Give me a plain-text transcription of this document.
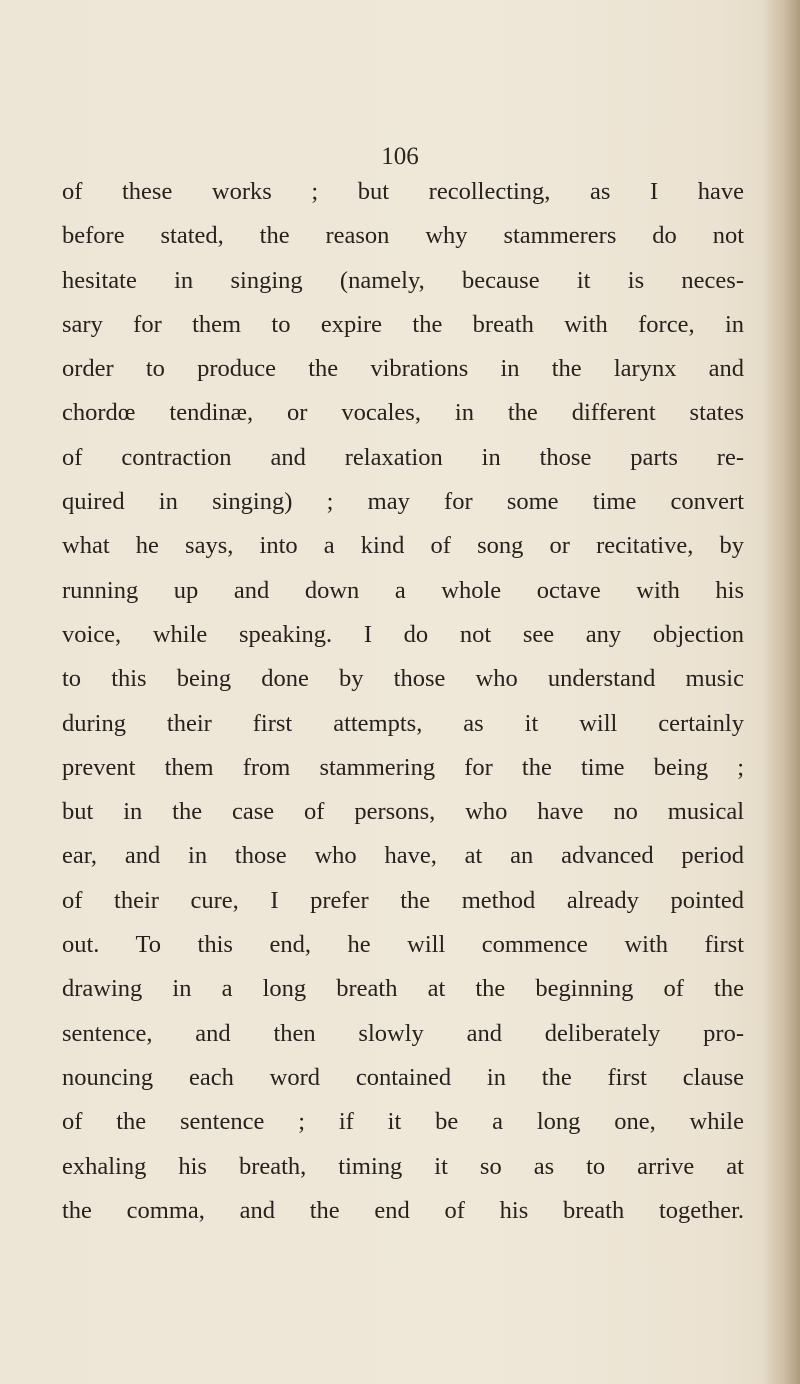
106
of these works ; but recollecting, as I have
before stated, the reason why stammerers do not
hesitate in singing (namely, because it is neces-
sary for them to expire the breath with force, in
order to produce the vibrations in the larynx and
chordœ tendinæ, or vocales, in the different states
of contraction and relaxation in those parts re-
quired in singing) ; may for some time convert
what he says, into a kind of song or recitative, by
running up and down a whole octave with his
voice, while speaking. I do not see any objection
to this being done by those who understand music
during their first attempts, as it will certainly
prevent them from stammering for the time being ;
but in the case of persons, who have no musical
ear, and in those who have, at an advanced period
of their cure, I prefer the method already pointed
out. To this end, he will commence with first
drawing in a long breath at the beginning of the
sentence, and then slowly and deliberately pro-
nouncing each word contained in the first clause
of the sentence ; if it be a long one, while
exhaling his breath, timing it so as to arrive at
the comma, and the end of his breath together.
